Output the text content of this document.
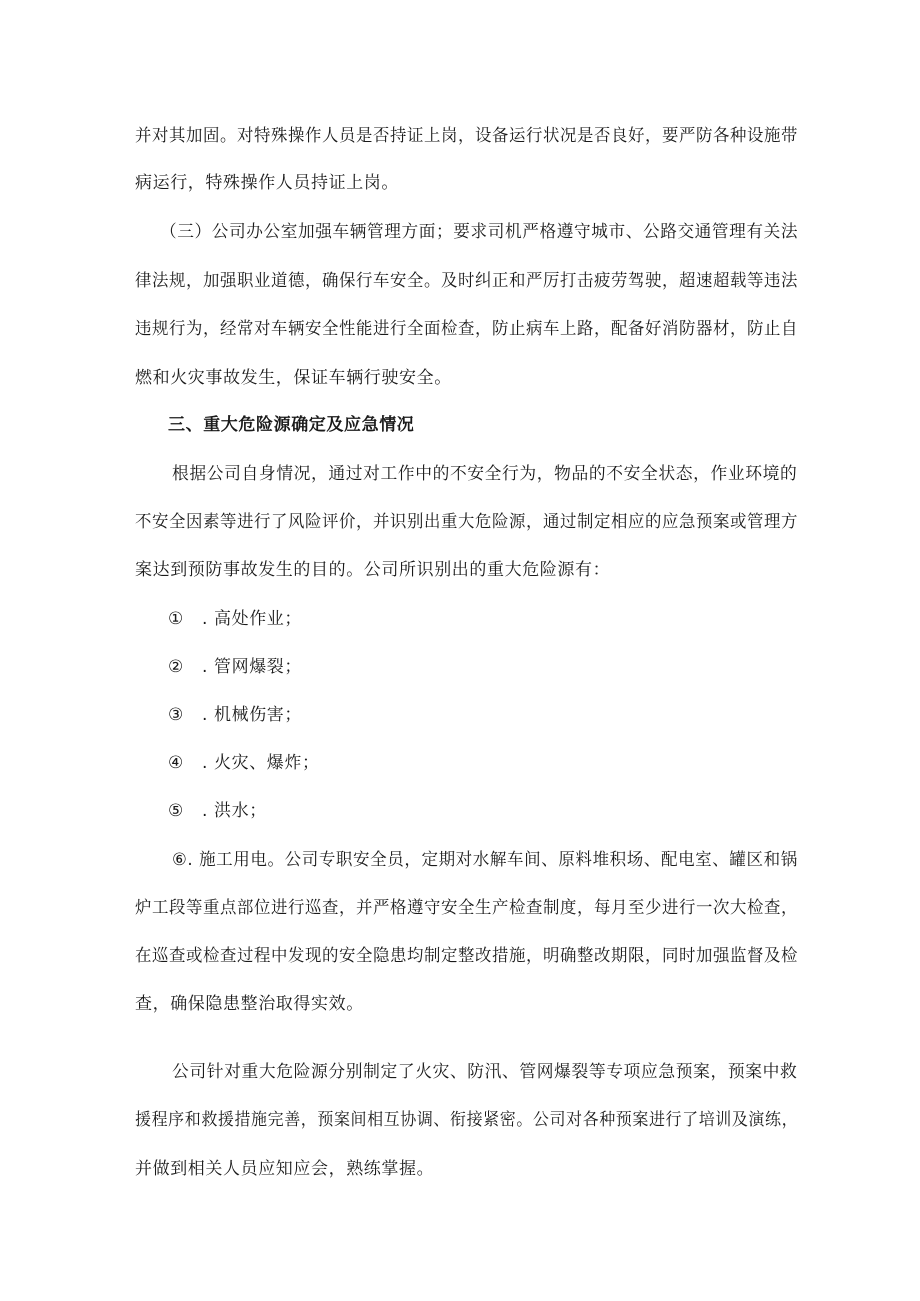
并对其加固。对特殊操作人员是否持证上岗，设备运行状况是否良好，要严防各种设施带
病运行，特殊操作人员持证上岗。
（三）公司办公室加强车辆管理方面；要求司机严格遵守城市、公路交通管理有关法
律法规，加强职业道德，确保行车安全。及时纠正和严厉打击疲劳驾驶，超速超载等违法
违规行为，经常对车辆安全性能进行全面检查，防止病车上路，配备好消防器材，防止自
燃和火灾事故发生，保证车辆行驶安全。
三、重大危险源确定及应急情况
根据公司自身情况，通过对工作中的不安全行为，物品的不安全状态，作业环境的
不安全因素等进行了风险评价，并识别出重大危险源，通过制定相应的应急预案或管理方
案达到预防事故发生的目的。公司所识别出的重大危险源有：
① . 高处作业；
② . 管网爆裂；
③ . 机械伤害；
④ . 火灾、爆炸；
⑤ . 洪水；
⑥. 施工用电。公司专职安全员，定期对水解车间、原料堆积场、配电室、罐区和锅
炉工段等重点部位进行巡查，并严格遵守安全生产检查制度，每月至少进行一次大检查，
在巡查或检查过程中发现的安全隐患均制定整改措施，明确整改期限，同时加强监督及检
查，确保隐患整治取得实效。
公司针对重大危险源分别制定了火灾、防汛、管网爆裂等专项应急预案，预案中救
援程序和救援措施完善，预案间相互协调、衔接紧密。公司对各种预案进行了培训及演练，
并做到相关人员应知应会，熟练掌握。
